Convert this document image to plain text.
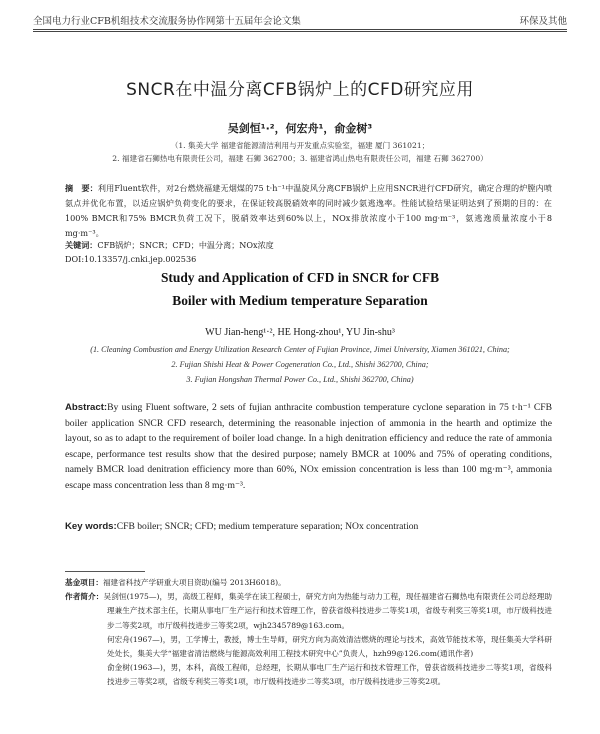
全国电力行业CFB机组技术交流服务协作网第十五届年会论文集	环保及其他
SNCR在中温分离CFB锅炉上的CFD研究应用
吴剑恒¹·²，何宏舟¹，俞金树³
（1. 集美大学 福建省能源清洁利用与开发重点实验室，福建 厦门 361021；
2. 福建省石狮热电有限责任公司，福建 石狮 362700；3. 福建省鸿山热电有限责任公司，福建 石狮 362700）
摘　要：利用Fluent软件，对2台燃烧福建无烟煤的75 t·h⁻¹中温旋风分离CFB锅炉上应用SNCR进行CFD研究，确定合理的炉膛内喷氨点并优化布置，以适应锅炉负荷变化的要求，在保证较高脱硝效率的同时减少氨逃逸率。性能试验结果证明达到了预期的目的：在100% BMCR和75% BMCR负荷工况下，脱硝效率达到60%以上，NOx排放浓度小于100 mg·m⁻³，氨逃逸质量浓度小于8 mg·m⁻³。
关键词：CFB锅炉；SNCR；CFD；中温分离；NOx浓度
DOI:10.13357/j.cnki.jep.002536
Study and Application of CFD in SNCR for CFB
Boiler with Medium temperature Separation
WU Jian-heng¹·², HE Hong-zhou¹, YU Jin-shu³
(1. Cleaning Combustion and Energy Utilization Research Center of Fujian Province, Jimei University, Xiamen 361021, China;
2. Fujian Shishi Heat & Power Cogeneration Co., Ltd., Shishi 362700, China;
3. Fujian Hongshan Thermal Power Co., Ltd., Shishi 362700, China)
Abstract:By using Fluent software, 2 sets of fujian anthracite combustion temperature cyclone separation in 75 t·h⁻¹ CFB boiler application SNCR CFD research, determining the reasonable injection of ammonia in the hearth and optimize the layout, so as to adapt to the requirement of boiler load change. In a high denitration efficiency and reduce the rate of ammonia escape, performance test results show that the desired purpose; namely BMCR at 100% and 75% of operating conditions, namely BMCR load denitration efficiency more than 60%, NOx emission concentration is less than 100 mg·m⁻³, ammonia escape mass concentration less than 8 mg·m⁻³.
Key words:CFB boiler; SNCR; CFD; medium temperature separation; NOx concentration

基金项目：福建省科技产学研重大项目资助(编号 2013H6018)。

作者简介：吴剑恒(1975—)，男，高级工程师，集美学在读工程硕士，研究方向为热能与动力工程，现任福建省石狮热电有限责任公司总经理助理兼生产技术部主任，长期从事电厂生产运行和技术管理工作，曾获省级科技进步二等奖1项，省级专利奖三等奖1项，市厅级科技进步二等奖2项，市厅级科技进步三等奖2项，wjh2345789@163.com。

何宏舟(1967—)，男，工学博士，教授，博士生导师，研究方向为高效清洁燃烧的理论与技术，高效节能技术等，现任集美大学科研处处长，集美大学“福建省清洁燃烧与能源高效利用工程技术研究中心”负责人，hzh99@126.com(通讯作者)

俞金树(1963—)，男，本科，高级工程师，总经理，长期从事电厂生产运行和技术管理工作，曾获省级科技进步二等奖1项，省级科技进步三等奖2项，省级专利奖三等奖1项，市厅级科技进步二等奖3项，市厅级科技进步三等奖2项。
